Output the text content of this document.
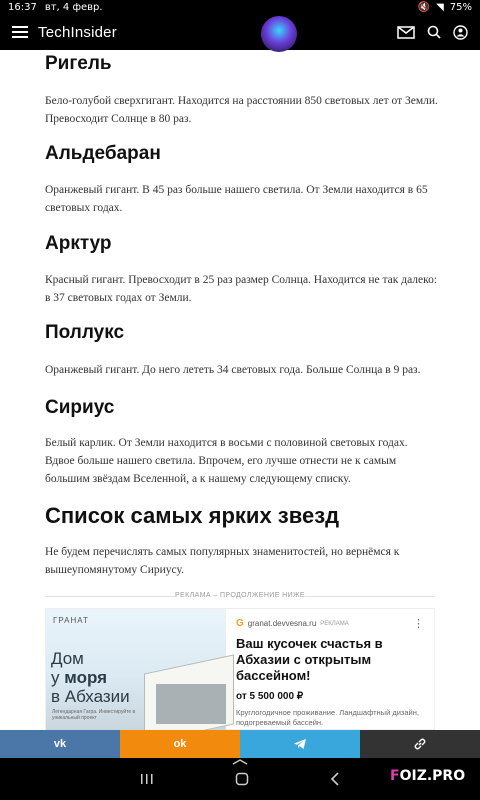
16:37 вт, 4 февр.	🔇 ◥ 75%
TechInsider
Ригель

Бело-голубой сверхгигант. Находится на расстоянии 850 световых лет от Земли. Превосходит Солнце в 80 раз.

Альдебаран

Оранжевый гигант. В 45 раз больше нашего светила. От Земли находится в 65 световых годах.

Арктур

Красный гигант. Превосходит в 25 раз размер Солнца. Находится не так далеко: в 37 световых годах от Земли.

Поллукс

Оранжевый гигант. До него лететь 34 световых года. Больше Солнца в 9 раз.

Сириус

Белый карлик. От Земли находится в восьми с половиной световых годах. Вдвое больше нашего светила. Впрочем, его лучше отнести не к самым большим звёздам Вселенной, а к нашему следующему списку.

Список самых ярких звезд

Не будем перечислять самых популярных знаменитостей, но вернёмся к вышеупомянутому Сириусу.

РЕКЛАМА – ПРОДОЛЖЕНИЕ НИЖЕ
ГРАНАТ
Дом
у моря
в Абхазии
Легендарная Гагра. Инвестируйте в уникальный проект
G granat.devvesna.ru РЕКЛАМА	⋮
Ваш кусочек счастья в Абхазии с открытым бассейном!
от 5 500 000 ₽
Круглогодичное проживание. Ландшафтный дизайн, подогреваемый бассейн.
vk	ok
FOIZ.PRO
